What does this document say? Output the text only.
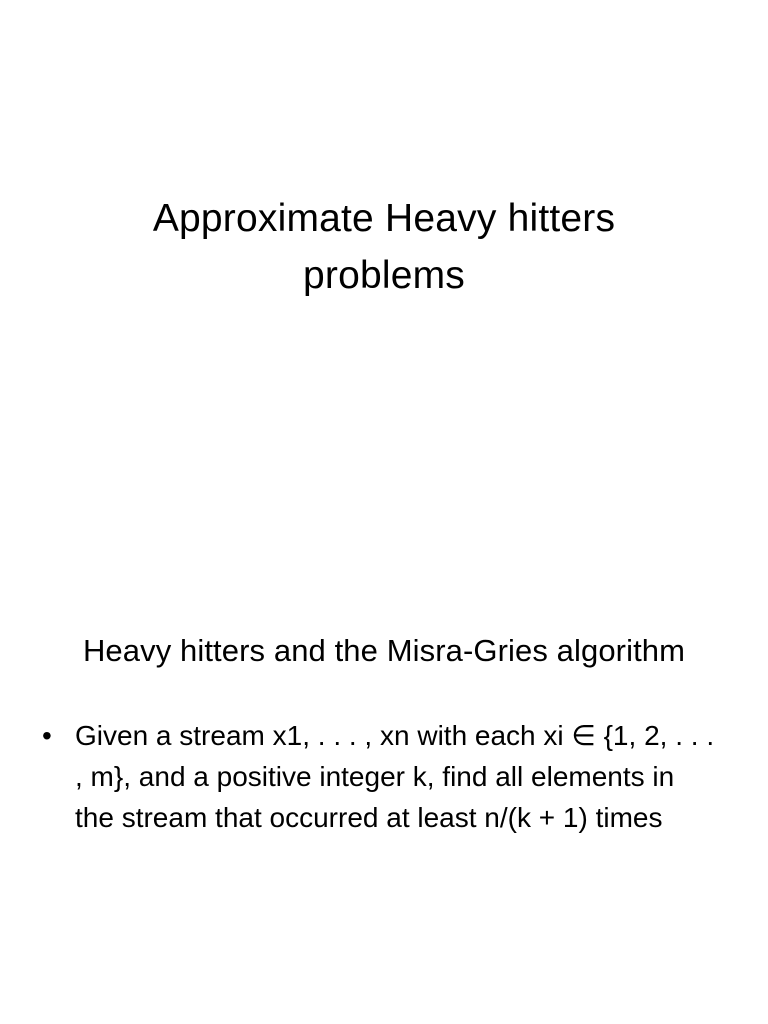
Approximate Heavy hitters
problems
Heavy hitters and the Misra-Gries algorithm
• Given a stream x1, . . . , xn with each xi ∈ {1, 2, . . . , m}, and a positive integer k, find all elements in the stream that occurred at least n/(k + 1) times
